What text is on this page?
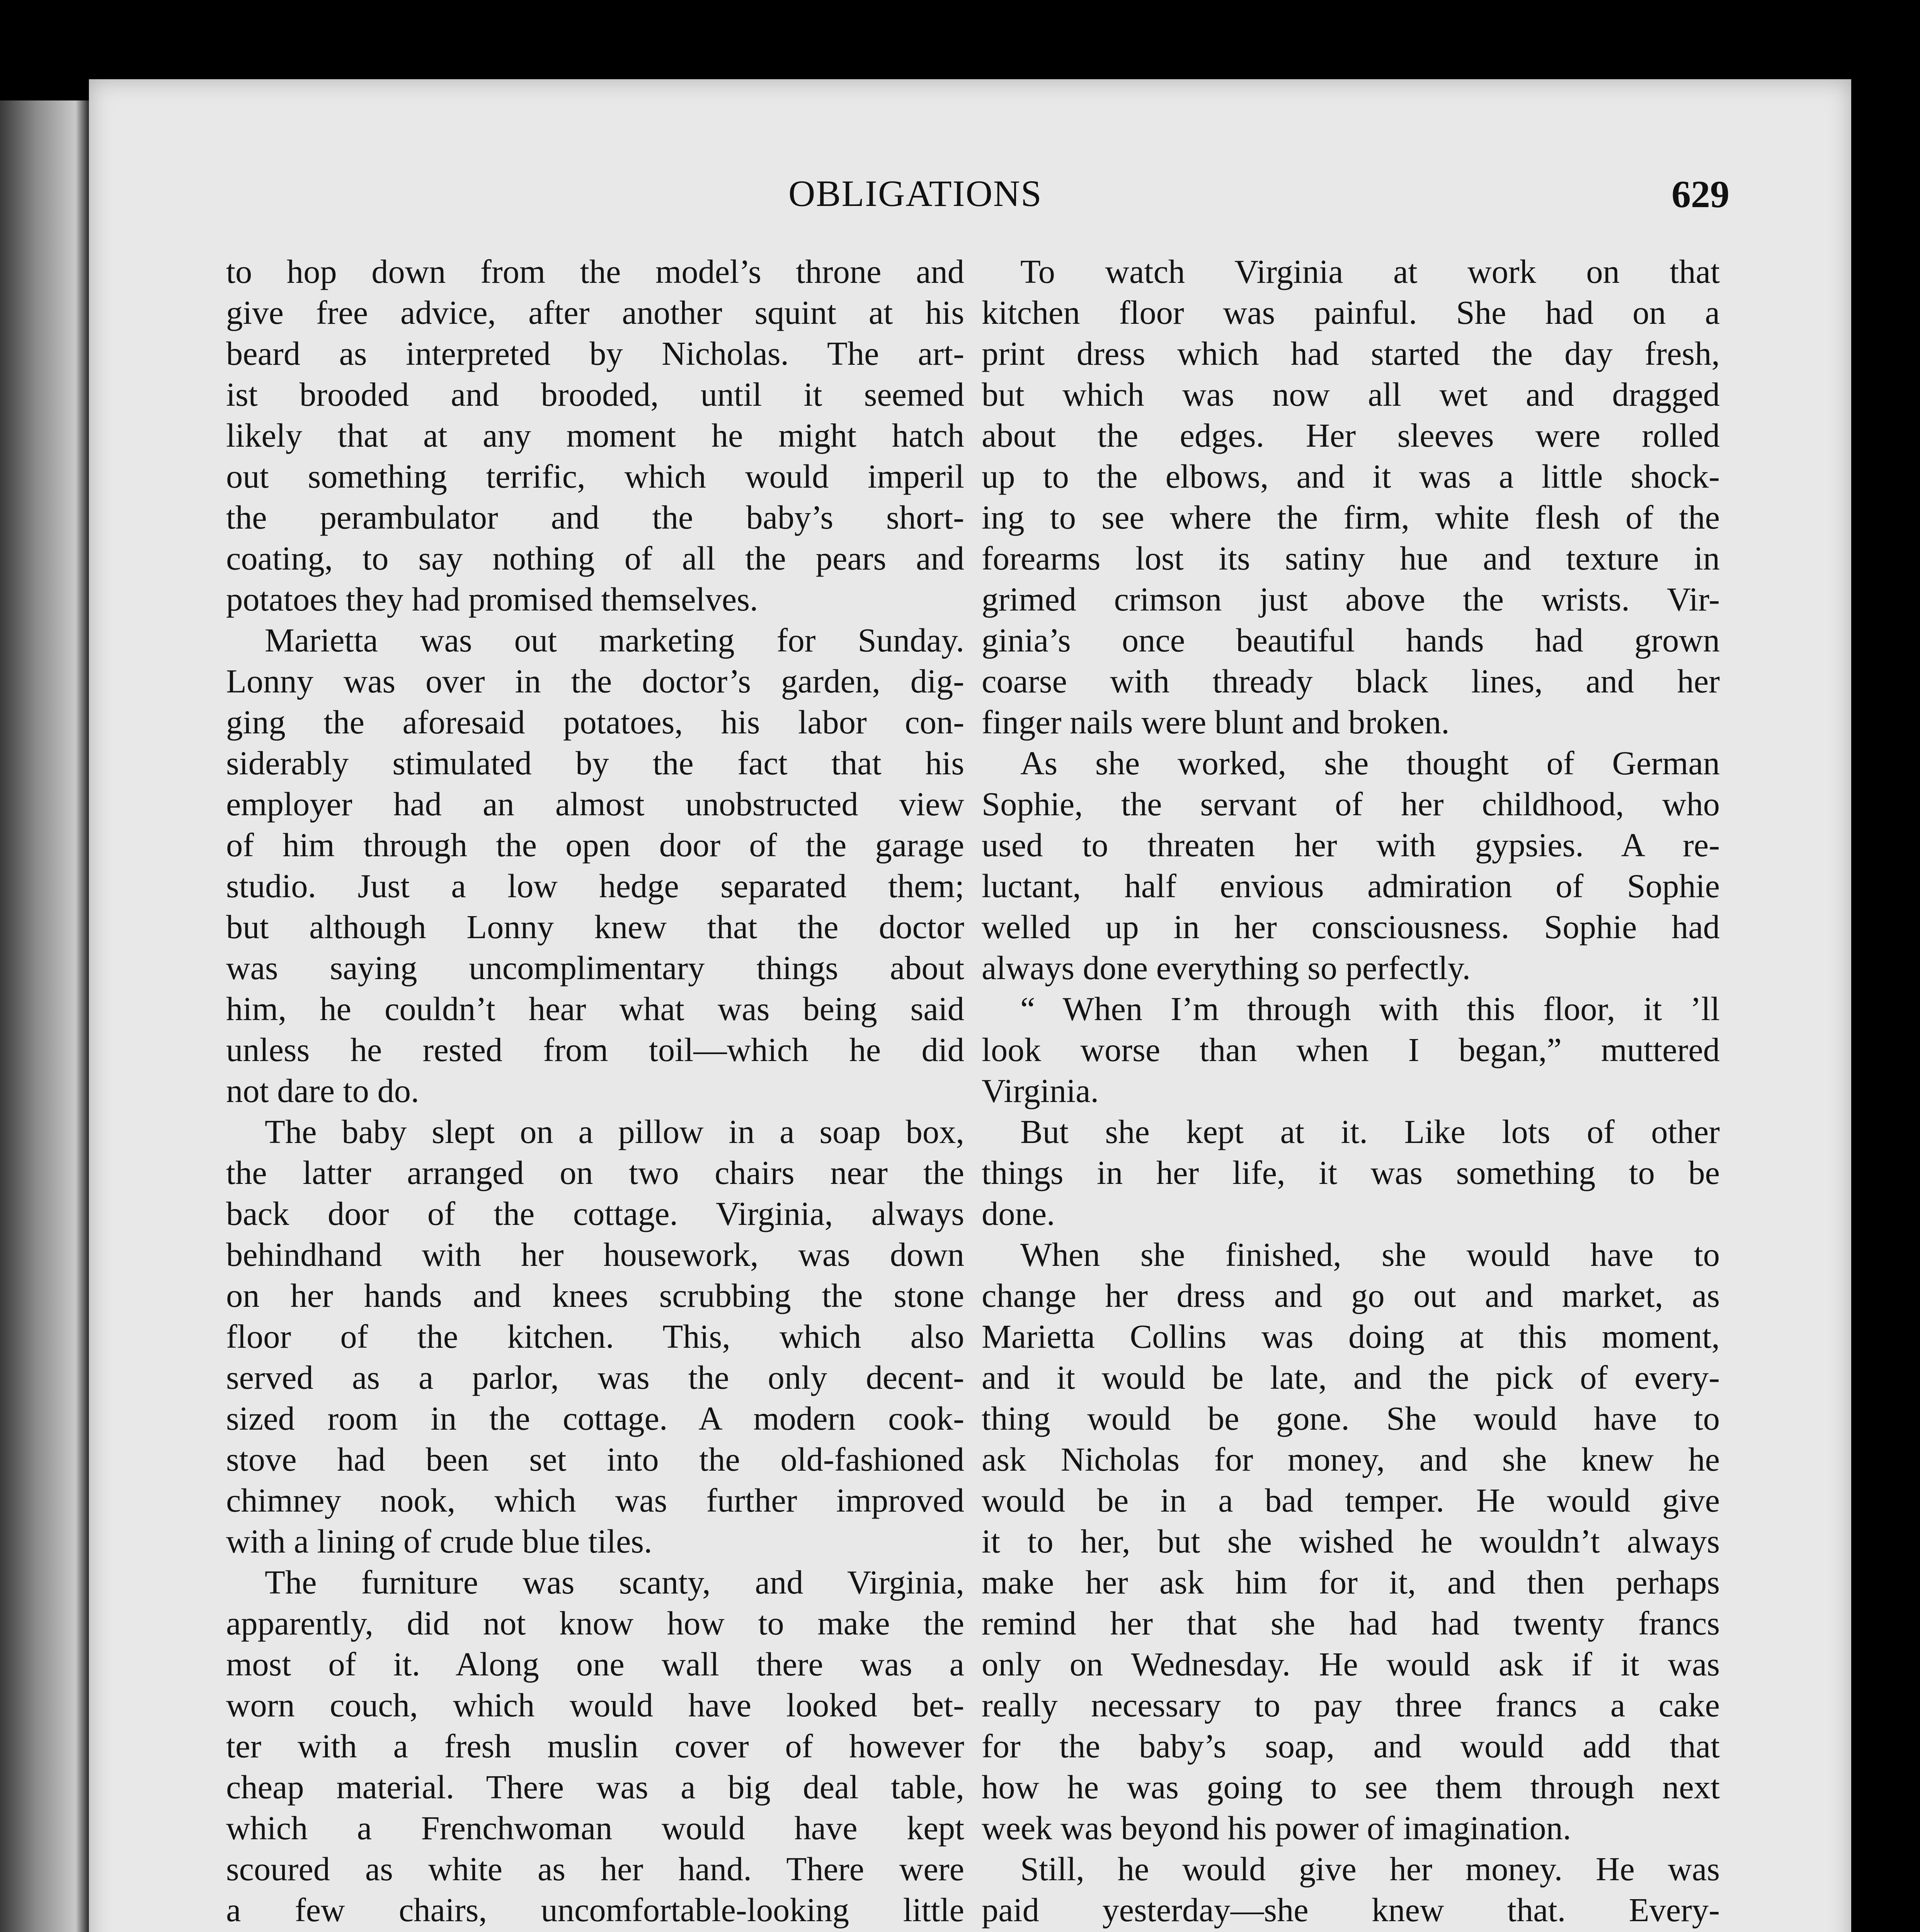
OBLIGATIONS	629
to hop down from the model’s throne and
give free advice, after another squint at his
beard as interpreted by Nicholas. The art-
ist brooded and brooded, until it seemed
likely that at any moment he might hatch
out something terrific, which would imperil
the perambulator and the baby’s short-
coating, to say nothing of all the pears and
potatoes they had promised themselves.
Marietta was out marketing for Sunday.
Lonny was over in the doctor’s garden, dig-
ging the aforesaid potatoes, his labor con-
siderably stimulated by the fact that his
employer had an almost unobstructed view
of him through the open door of the garage
studio. Just a low hedge separated them;
but although Lonny knew that the doctor
was saying uncomplimentary things about
him, he couldn’t hear what was being said
unless he rested from toil—which he did
not dare to do.
The baby slept on a pillow in a soap box,
the latter arranged on two chairs near the
back door of the cottage. Virginia, always
behindhand with her housework, was down
on her hands and knees scrubbing the stone
floor of the kitchen. This, which also
served as a parlor, was the only decent-
sized room in the cottage. A modern cook-
stove had been set into the old-fashioned
chimney nook, which was further improved
with a lining of crude blue tiles.
The furniture was scanty, and Virginia,
apparently, did not know how to make the
most of it. Along one wall there was a
worn couch, which would have looked bet-
ter with a fresh muslin cover of however
cheap material. There was a big deal table,
which a Frenchwoman would have kept
scoured as white as her hand. There were
a few chairs, uncomfortable-looking little
To watch Virginia at work on that
kitchen floor was painful. She had on a
print dress which had started the day fresh,
but which was now all wet and dragged
about the edges. Her sleeves were rolled
up to the elbows, and it was a little shock-
ing to see where the firm, white flesh of the
forearms lost its satiny hue and texture in
grimed crimson just above the wrists. Vir-
ginia’s once beautiful hands had grown
coarse with thready black lines, and her
finger nails were blunt and broken.
As she worked, she thought of German
Sophie, the servant of her childhood, who
used to threaten her with gypsies. A re-
luctant, half envious admiration of Sophie
welled up in her consciousness. Sophie had
always done everything so perfectly.
“ When I’m through with this floor, it ’ll
look worse than when I began,” muttered
Virginia.
But she kept at it. Like lots of other
things in her life, it was something to be
done.
When she finished, she would have to
change her dress and go out and market, as
Marietta Collins was doing at this moment,
and it would be late, and the pick of every-
thing would be gone. She would have to
ask Nicholas for money, and she knew he
would be in a bad temper. He would give
it to her, but she wished he wouldn’t always
make her ask him for it, and then perhaps
remind her that she had had twenty francs
only on Wednesday. He would ask if it was
really necessary to pay three francs a cake
for the baby’s soap, and would add that
how he was going to see them through next
week was beyond his power of imagination.
Still, he would give her money. He was
paid yesterday—she knew that. Every-
